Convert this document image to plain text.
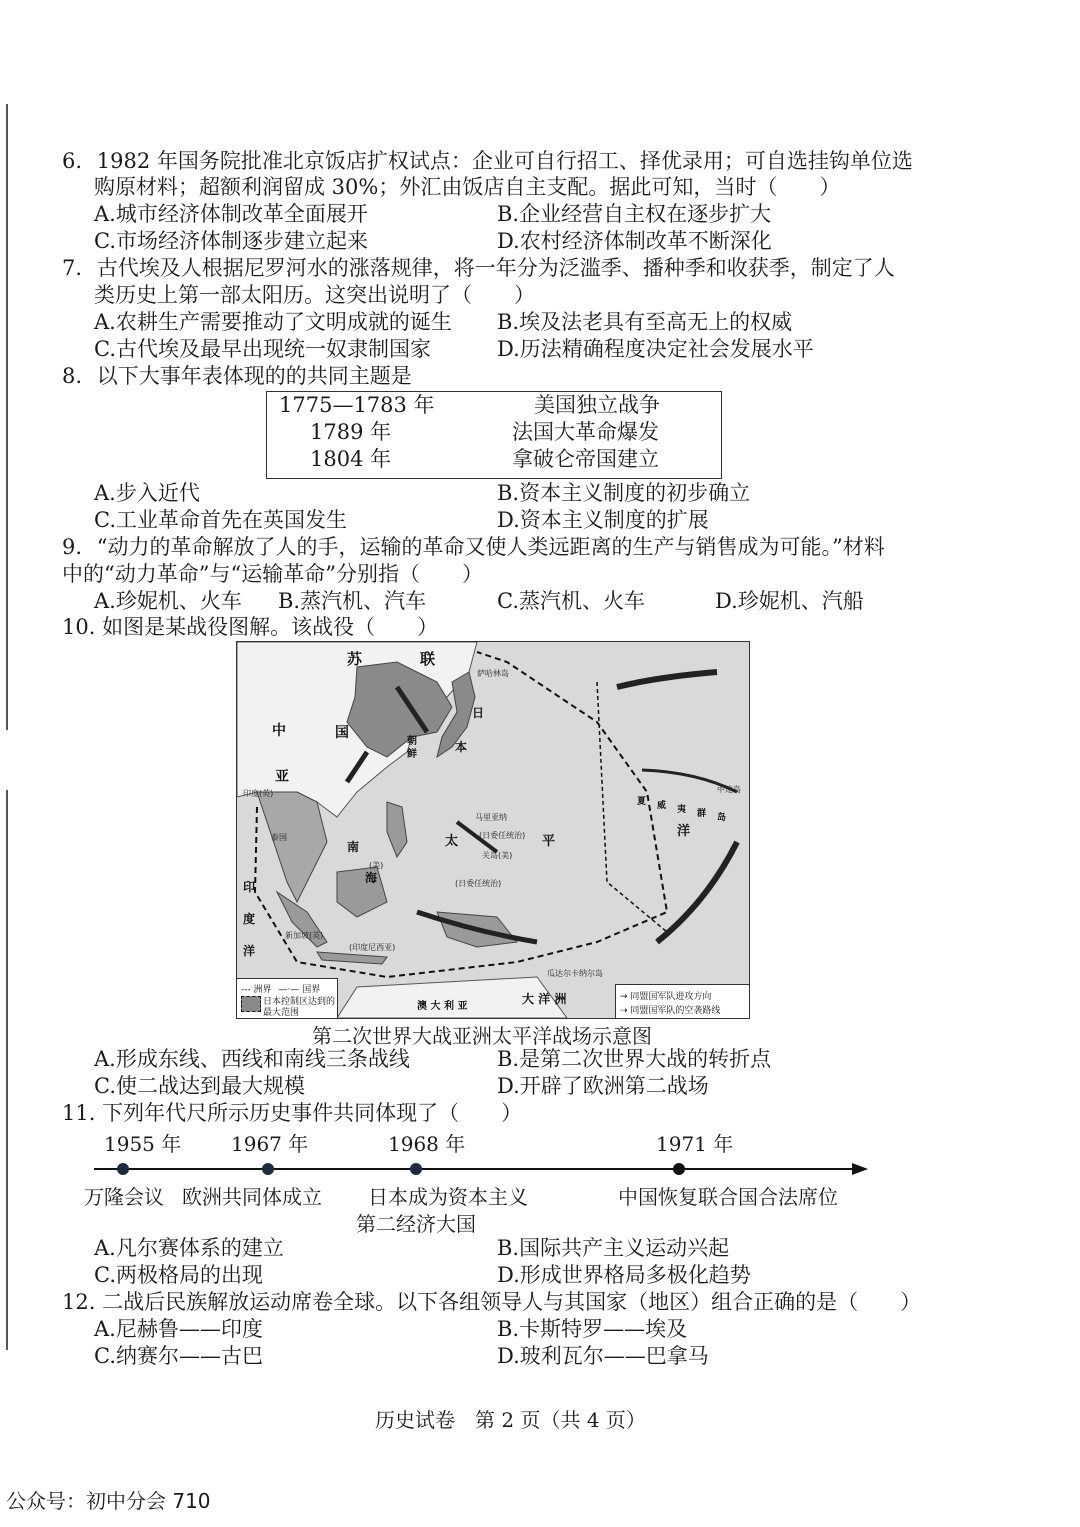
6. 1982 年国务院批准北京饭店扩权试点：企业可自行招工、择优录用；可自选挂钩单位选
购原材料；超额利润留成 30%；外汇由饭店自主支配。据此可知，当时（　　）
A.城市经济体制改革全面展开	B.企业经营自主权在逐步扩大
C.市场经济体制逐步建立起来	D.农村经济体制改革不断深化
7. 古代埃及人根据尼罗河水的涨落规律，将一年分为泛滥季、播种季和收获季，制定了人
类历史上第一部太阳历。这突出说明了（　　）
A.农耕生产需要推动了文明成就的诞生 B.埃及法老具有至高无上的权威
C.古代埃及最早出现统一奴隶制国家	D.历法精确程度决定社会发展水平
8. 以下大事年表体现的的共同主题是
1775—1783 年	美国独立战争
1789 年	法国大革命爆发
1804 年	拿破仑帝国建立
A.步入近代	B.资本主义制度的初步确立
C.工业革命首先在英国发生	D.资本主义制度的扩展
9. “动力的革命解放了人的手，运输的革命又使人类远距离的生产与销售成为可能。”材料
中的“动力革命”与“运输革命”分别指（　　）
A.珍妮机、火车 B.蒸汽机、汽车	C.蒸汽机、火车	D.珍妮机、汽船
10. 如图是某战役图解。该战役（　　）
苏	联
中	国
亚
日
本
朝
鲜
南
海
太	平
洋
印
度
洋
大 洋 洲
澳 大 利 亚
夏 威 夷 群 岛
萨哈林岛
新加坡(英)
(印度尼西亚)
(美)
关岛(美)
印度(英)
马里亚纳
(日委任统治)
瓜达尔卡纳尔岛
中途岛
泰国
(日委任统治)
--- 洲界 —·— 国界
日本控制区达到的
最大范围
→ 同盟国军队进攻方向
⇢ 同盟国军队的空袭路线
第二次世界大战亚洲太平洋战场示意图
A.形成东线、西线和南线三条战线	B.是第二次世界大战的转折点
C.使二战达到最大规模	D.开辟了欧洲第二战场
11. 下列年代尺所示历史事件共同体现了（　　）
1955 年 1967 年	1968 年	1971 年
万隆会议 欧洲共同体成立 日本成为资本主义
第二经济大国
中国恢复联合国合法席位
A.凡尔赛体系的建立	B.国际共产主义运动兴起
C.两极格局的出现	D.形成世界格局多极化趋势
12. 二战后民族解放运动席卷全球。以下各组领导人与其国家（地区）组合正确的是（　　）
A.尼赫鲁——印度	B.卡斯特罗——埃及
C.纳赛尔——古巴	D.玻利瓦尔——巴拿马
历史试卷　第 2 页（共 4 页）
公众号：初中分会 710
